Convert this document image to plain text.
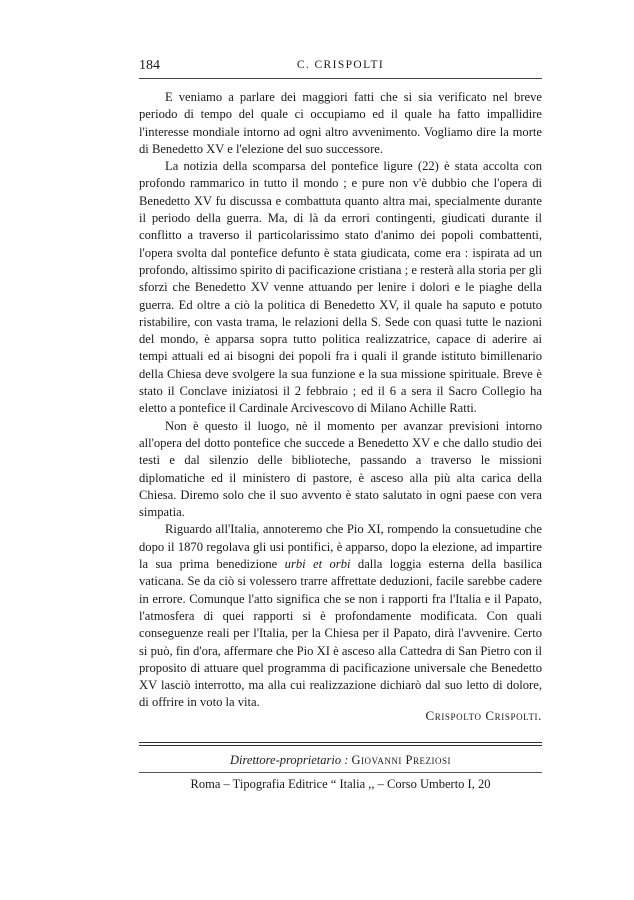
184	C. CRISPOLTI

E veniamo a parlare dei maggiori fatti che si sia verificato nel breve periodo di tempo del quale ci occupiamo ed il quale ha fatto impallidire l'interesse mondiale intorno ad ogni altro avvenimento. Vogliamo dire la morte di Benedetto XV e l'elezione del suo successore.

La notizia della scomparsa del pontefice ligure (22) è stata accolta con profondo rammarico in tutto il mondo ; e pure non v'è dubbio che l'opera di Benedetto XV fu discussa e combattuta quanto altra mai, specialmente durante il periodo della guerra. Ma, di là da errori contingenti, giudicati durante il conflitto a traverso il particolarissimo stato d'animo dei popoli combattenti, l'opera svolta dal pontefice defunto è stata giudicata, come era : ispirata ad un profondo, altissimo spirito di pacificazione cristiana ; e resterà alla storia per gli sforzi che Benedetto XV venne attuando per lenire i dolori e le piaghe della guerra. Ed oltre a ciò la politica di Benedetto XV, il quale ha saputo e potuto ristabilire, con vasta trama, le relazioni della S. Sede con quasi tutte le nazioni del mondo, è apparsa sopra tutto politica realizzatrice, capace di aderire ai tempi attuali ed ai bisogni dei popoli fra i quali il grande istituto bimillenario della Chiesa deve svolgere la sua funzione e la sua missione spirituale. Breve è stato il Conclave iniziatosi il 2 febbraio ; ed il 6 a sera il Sacro Collegio ha eletto a pontefice il Cardinale Arcivescovo di Milano Achille Ratti.

Non è questo il luogo, nè il momento per avanzar previsioni intorno all'opera del dotto pontefice che succede a Benedetto XV e che dallo studio dei testi e dal silenzio delle biblioteche, passando a traverso le missioni diplomatiche ed il ministero di pastore, è asceso alla più alta carica della Chiesa. Diremo solo che il suo avvento è stato salutato in ogni paese con vera simpatia.

Riguardo all'Italia, annoteremo che Pio XI, rompendo la consuetudine che dopo il 1870 regolava gli usi pontifici, è apparso, dopo la elezione, ad impartire la sua prima benedizione urbi et orbi dalla loggia esterna della basilica vaticana. Se da ciò si volessero trarre affrettate deduzioni, facile sarebbe cadere in errore. Comunque l'atto significa che se non i rapporti fra l'Italia e il Papato, l'atmosfera di quei rapporti si è profondamente modificata. Con quali conseguenze reali per l'Italia, per la Chiesa per il Papato, dirà l'avvenire. Certo si può, fin d'ora, affermare che Pio XI è asceso alla Cattedra di San Pietro con il proposito di attuare quel programma di pacificazione universale che Benedetto XV lasciò interrotto, ma alla cui realizzazione dichiarò dal suo letto di dolore, di offrire in voto la vita.

Crispolto Crispolti.
Direttore-proprietario : Giovanni Preziosi
Roma – Tipografia Editrice “ Italia ,, – Corso Umberto I, 20
